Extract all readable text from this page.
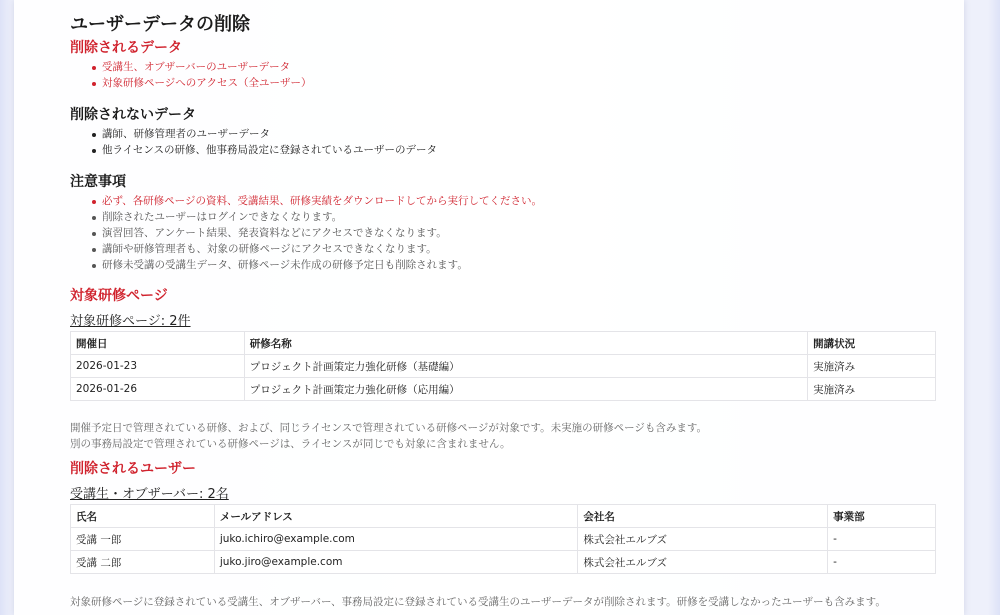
ユーザーデータの削除
削除されるデータ
受講生、オブザーバーのユーザーデータ
対象研修ページへのアクセス（全ユーザー）
削除されないデータ
講師、研修管理者のユーザーデータ
他ライセンスの研修、他事務局設定に登録されているユーザーのデータ
注意事項
必ず、各研修ページの資料、受講結果、研修実績をダウンロードしてから実行してください。
削除されたユーザーはログインできなくなります。
演習回答、アンケート結果、発表資料などにアクセスできなくなります。
講師や研修管理者も、対象の研修ページにアクセスできなくなります。
研修未受講の受講生データ、研修ページ未作成の研修予定日も削除されます。
対象研修ページ
対象研修ページ: 2件
開催日	研修名称	開講状況
2026-01-23	プロジェクト計画策定力強化研修（基礎編）	実施済み
2026-01-26	プロジェクト計画策定力強化研修（応用編）	実施済み

開催予定日で管理されている研修、および、同じライセンスで管理されている研修ページが対象です。未実施の研修ページも含みます。

別の事務局設定で管理されている研修ページは、ライセンスが同じでも対象に含まれません。

削除されるユーザー
受講生・オブザーバー: 2名
氏名	メールアドレス	会社名	事業部
受講 一郎	juko.ichiro@example.com	株式会社エルブズ	-
受講 二郎	juko.jiro@example.com	株式会社エルブズ	-

対象研修ページに登録されている受講生、オブザーバー、事務局設定に登録されている受講生のユーザーデータが削除されます。研修を受講しなかったユーザーも含みます。
